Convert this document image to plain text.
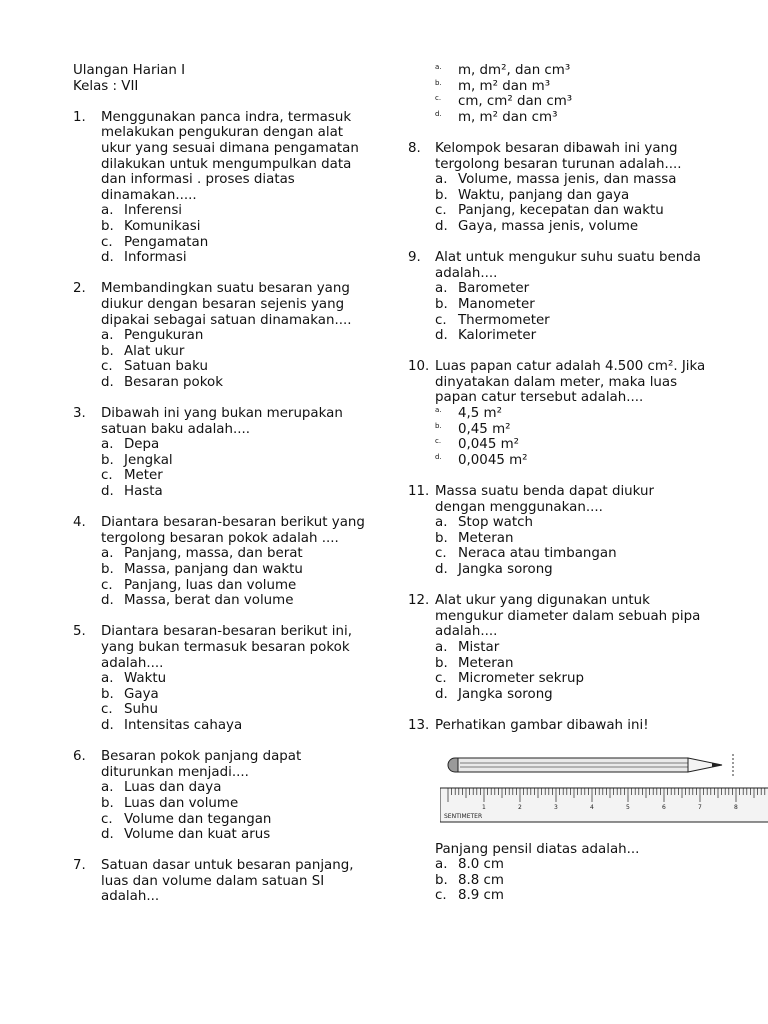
Ulangan Harian I
Kelas : VII
1. Menggunakan panca indra, termasuk melakukan pengukuran dengan alat ukur yang sesuai dimana pengamatan dilakukan untuk mengumpulkan data dan informasi . proses diatas dinamakan.....
a. Inferensi
b. Komunikasi
c. Pengamatan
d. Informasi
2. Membandingkan suatu besaran yang diukur dengan besaran sejenis yang dipakai sebagai satuan dinamakan....
a. Pengukuran
b. Alat ukur
c. Satuan baku
d. Besaran pokok
3. Dibawah ini yang bukan merupakan satuan baku adalah....
a. Depa
b. Jengkal
c. Meter
d. Hasta
4. Diantara besaran-besaran berikut yang tergolong besaran pokok adalah ....
a. Panjang, massa, dan berat
b. Massa, panjang dan waktu
c. Panjang, luas dan volume
d. Massa, berat dan volume
5. Diantara besaran-besaran berikut ini, yang bukan termasuk besaran pokok adalah....
a. Waktu
b. Gaya
c. Suhu
d. Intensitas cahaya
6. Besaran pokok panjang dapat diturunkan menjadi....
a. Luas dan daya
b. Luas dan volume
c. Volume dan tegangan
d. Volume dan kuat arus
7. Satuan dasar untuk besaran panjang, luas dan volume dalam satuan SI adalah...
a. m, dm², dan cm³
b. m, m² dan m³
c. cm, cm² dan cm³
d. m, m² dan cm³
8. Kelompok besaran dibawah ini yang tergolong besaran turunan adalah....
a. Volume, massa jenis, dan massa
b. Waktu, panjang dan gaya
c. Panjang, kecepatan dan waktu
d. Gaya, massa jenis, volume
9. Alat untuk mengukur suhu suatu benda adalah....
a. Barometer
b. Manometer
c. Thermometer
d. Kalorimeter
10. Luas papan catur adalah 4.500 cm². Jika dinyatakan dalam meter, maka luas papan catur tersebut adalah....
a. 4,5 m²
b. 0,45 m²
c. 0,045 m²
d. 0,0045 m²
11. Massa suatu benda dapat diukur dengan menggunakan....
a. Stop watch
b. Meteran
c. Neraca atau timbangan
d. Jangka sorong
12. Alat ukur yang digunakan untuk mengukur diameter dalam sebuah pipa adalah....
a. Mistar
b. Meteran
c. Micrometer sekrup
d. Jangka sorong
13. Perhatikan gambar dibawah ini!
1	2	3	4	5	6	7	8
SENTIMETER
Panjang pensil diatas adalah...
a. 8.0 cm
b. 8.8 cm
c. 8.9 cm
